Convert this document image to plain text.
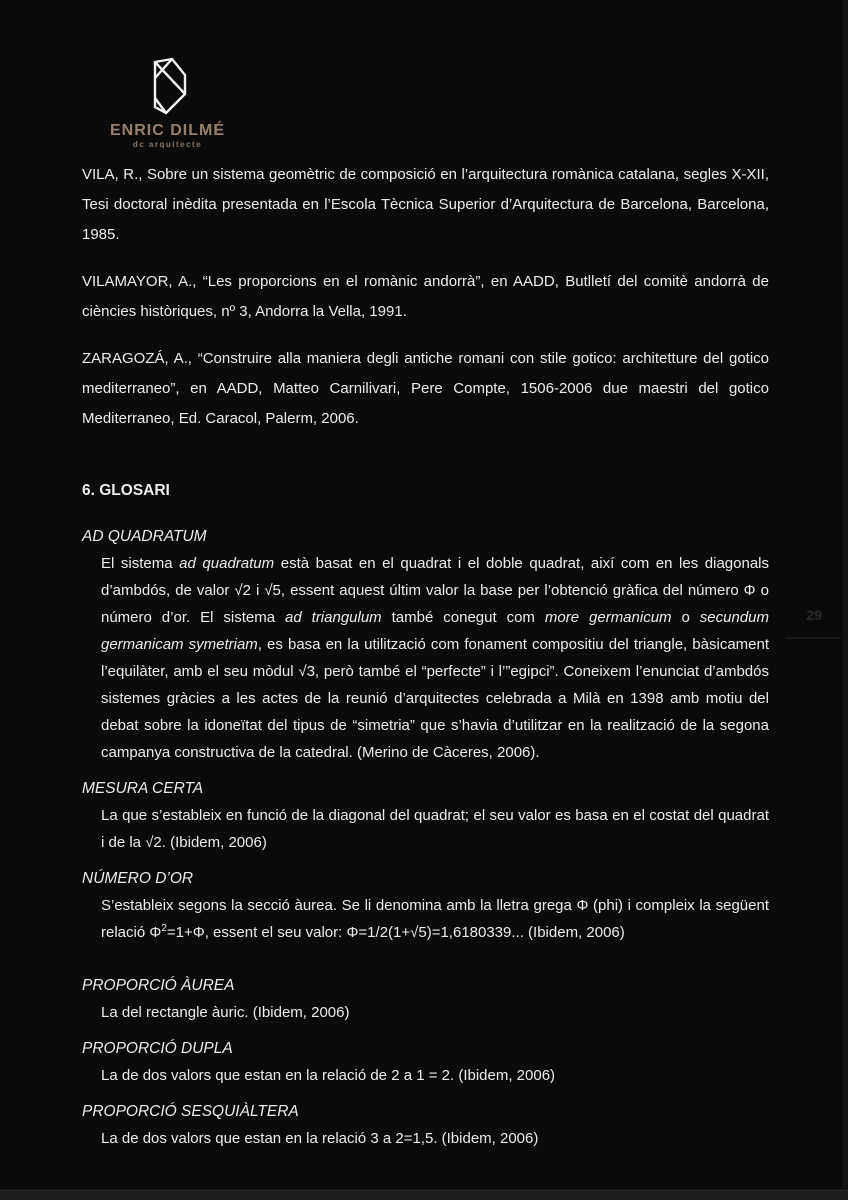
ENRIC DILMÉ
dc arquitecte

VILA, R., Sobre un sistema geomètric de composició en l’arquitectura romànica catalana, segles X-XII, Tesi doctoral inèdita presentada en l’Escola Tècnica Superior d’Arquitectura de Barcelona, Barcelona, 1985.

VILAMAYOR, A., “Les proporcions en el romànic andorrà”, en AADD, Butlletí del comitè andorrà de ciències històriques, nº 3, Andorra la Vella, 1991.

ZARAGOZÁ, A., “Construire alla maniera degli antiche romani con stile gotico: architetture del gotico mediterraneo”, en AADD, Matteo Carnilivari, Pere Compte, 1506-2006 due maestri del gotico Mediterraneo, Ed. Caracol, Palerm, 2006.

6. GLOSARI
AD QUADRATUM

El sistema ad quadratum està basat en el quadrat i el doble quadrat, així com en les diagonals d’ambdós, de valor √2 i √5, essent aquest últim valor la base per l’obtenció gràfica del número Φ o número d’or. El sistema ad triangulum també conegut com more germanicum o secundum germanicam symetriam, es basa en la utilització com fonament compositiu del triangle, bàsicament l’equilàter, amb el seu mòdul √3, però també el “perfecte” i l’”egipci”. Coneixem l’enunciat d’ambdós sistemes gràcies a les actes de la reunió d’arquitectes celebrada a Milà en 1398 amb motiu del debat sobre la idoneïtat del tipus de “simetria” que s’havia d’utilitzar en la realització de la segona campanya constructiva de la catedral. (Merino de Càceres, 2006).

MESURA CERTA

La que s’estableix en funció de la diagonal del quadrat; el seu valor es basa en el costat del quadrat i de la √2. (Ibidem, 2006)

NÚMERO D’OR

S’estableix segons la secció àurea. Se li denomina amb la lletra grega Φ (phi) i compleix la següent relació $\Phi^2=1+\Phi$, essent el seu valor: Φ=1/2(1+√5)=1,6180339... (Ibidem, 2006)

PROPORCIÓ ÀUREA

La del rectangle àuric. (Ibidem, 2006)

PROPORCIÓ DUPLA

La de dos valors que estan en la relació de 2 a 1 = 2. (Ibidem, 2006)

PROPORCIÓ SESQUIÀLTERA

La de dos valors que estan en la relació 3 a 2=1,5. (Ibidem, 2006)

29
